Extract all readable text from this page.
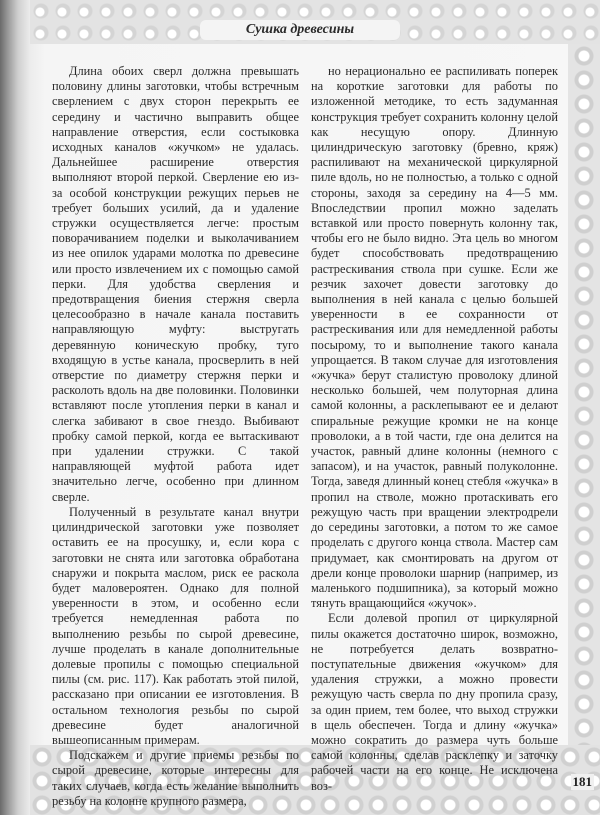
Сушка древесины

Длина обоих сверл должна превышать половину длины заготовки, чтобы встречным сверлением с двух сторон перекрыть ее середину и частично выправить общее направление отверстия, если состыковка исходных каналов «жучком» не удалась. Дальнейшее расширение отверстия выполняют второй перкой. Сверление ею из-за особой конструкции режущих перьев не требует больших усилий, да и удаление стружки осуществляется легче: простым поворачиванием поделки и выколачиванием из нее опилок ударами молотка по древесине или просто извлечением их с помощью самой перки. Для удобства сверления и предотвращения биения стержня сверла целесообразно в начале канала поставить направляющую муфту: выстругать деревянную коническую пробку, туго входящую в устье канала, просверлить в ней отверстие по диаметру стержня перки и расколоть вдоль на две половинки. Половинки вставляют после утопления перки в канал и слегка забивают в свое гнездо. Выбивают пробку самой перкой, когда ее вытаскивают при удалении стружки. С такой направляющей муфтой работа идет значительно легче, особенно при длинном сверле.

Полученный в результате канал внутри цилиндрической заготовки уже позволяет оставить ее на просушку, и, если кора с заготовки не снята или заготовка обработана снаружи и покрыта маслом, риск ее раскола будет маловероятен. Однако для полной уверенности в этом, и особенно если требуется немедленная работа по выполнению резьбы по сырой древесине, лучше проделать в канале дополнительные долевые пропилы с помощью специальной пилы (см. рис. 117). Как работать этой пилой, рассказано при описании ее изготовления. В остальном технология резьбы по сырой древесине будет аналогичной вышеописанным примерам.

Подскажем и другие приемы резьбы по сырой древесине, которые интересны для таких случаев, когда есть желание выполнить резьбу на колонне крупного размера,

но нерационально ее распиливать поперек на короткие заготовки для работы по изложенной методике, то есть задуманная конструкция требует сохранить колонну целой как несущую опору. Длинную цилиндрическую заготовку (бревно, кряж) распиливают на механической циркулярной пиле вдоль, но не полностью, а только с одной стороны, заходя за середину на 4—5 мм. Впоследствии пропил можно заделать вставкой или просто повернуть колонну так, чтобы его не было видно. Эта цель во многом будет способствовать предотвращению растрескивания ствола при сушке. Если же резчик захочет довести заготовку до выполнения в ней канала с целью большей уверенности в ее сохранности от растрескивания или для немедленной работы посырому, то и выполнение такого канала упрощается. В таком случае для изготовления «жучка» берут сталистую проволоку длиной несколько большей, чем полуторная длина самой колонны, а расклепывают ее и делают спиральные режущие кромки не на конце проволоки, а в той части, где она делится на участок, равный длине колонны (немного с запасом), и на участок, равный полуколонне. Тогда, заведя длинный конец стебля «жучка» в пропил на стволе, можно протаскивать его режущую часть при вращении электродрели до середины заготовки, а потом то же самое проделать с другого конца ствола. Мастер сам придумает, как смонтировать на другом от дрели конце проволоки шарнир (например, из маленького подшипника), за который можно тянуть вращающийся «жучок».

Если долевой пропил от циркулярной пилы окажется достаточно широк, возможно, не потребуется делать возвратно-поступательные движения «жучком» для удаления стружки, а можно провести режущую часть сверла по дну пропила сразу, за один прием, тем более, что выход стружки в щель обеспечен. Тогда и длину «жучка» можно сократить до размера чуть больше самой колонны, сделав расклепку и заточку рабочей части на его конце. Не исключена воз-	181
